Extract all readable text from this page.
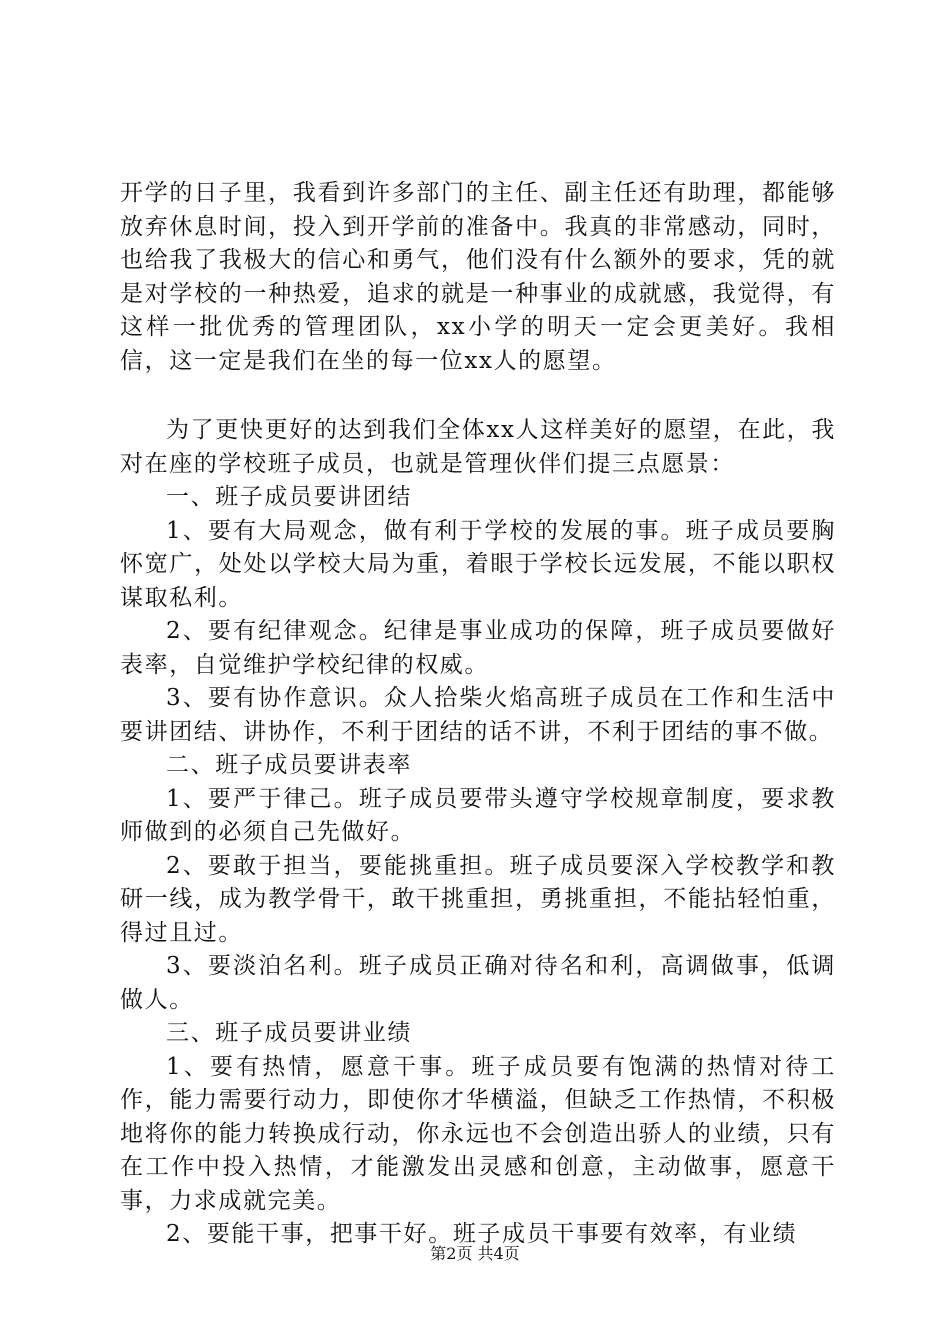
开学的日子里，我看到许多部门的主任、副主任还有助理，都能够放弃休息时间，投入到开学前的准备中。我真的非常感动，同时，也给我了我极大的信心和勇气，他们没有什么额外的要求，凭的就是对学校的一种热爱，追求的就是一种事业的成就感，我觉得，有这样一批优秀的管理团队，xx小学的明天一定会更美好。我相信，这一定是我们在坐的每一位xx人的愿望。

为了更快更好的达到我们全体xx人这样美好的愿望，在此，我对在座的学校班子成员，也就是管理伙伴们提三点愿景：

一、班子成员要讲团结

1、要有大局观念，做有利于学校的发展的事。班子成员要胸怀宽广，处处以学校大局为重，着眼于学校长远发展，不能以职权谋取私利。

2、要有纪律观念。纪律是事业成功的保障，班子成员要做好表率，自觉维护学校纪律的权威。

3、要有协作意识。众人拾柴火焰高班子成员在工作和生活中要讲团结、讲协作，不利于团结的话不讲，不利于团结的事不做。

二、班子成员要讲表率

1、要严于律己。班子成员要带头遵守学校规章制度，要求教师做到的必须自己先做好。

2、要敢于担当，要能挑重担。班子成员要深入学校教学和教研一线，成为教学骨干，敢干挑重担，勇挑重担，不能拈轻怕重，得过且过。

3、要淡泊名利。班子成员正确对待名和利，高调做事，低调做人。

三、班子成员要讲业绩

1、要有热情，愿意干事。班子成员要有饱满的热情对待工作，能力需要行动力，即使你才华横溢，但缺乏工作热情，不积极地将你的能力转换成行动，你永远也不会创造出骄人的业绩，只有在工作中投入热情，才能激发出灵感和创意，主动做事，愿意干事，力求成就完美。

2、要能干事，把事干好。班子成员干事要有效率，有业绩

第2页 共4页
